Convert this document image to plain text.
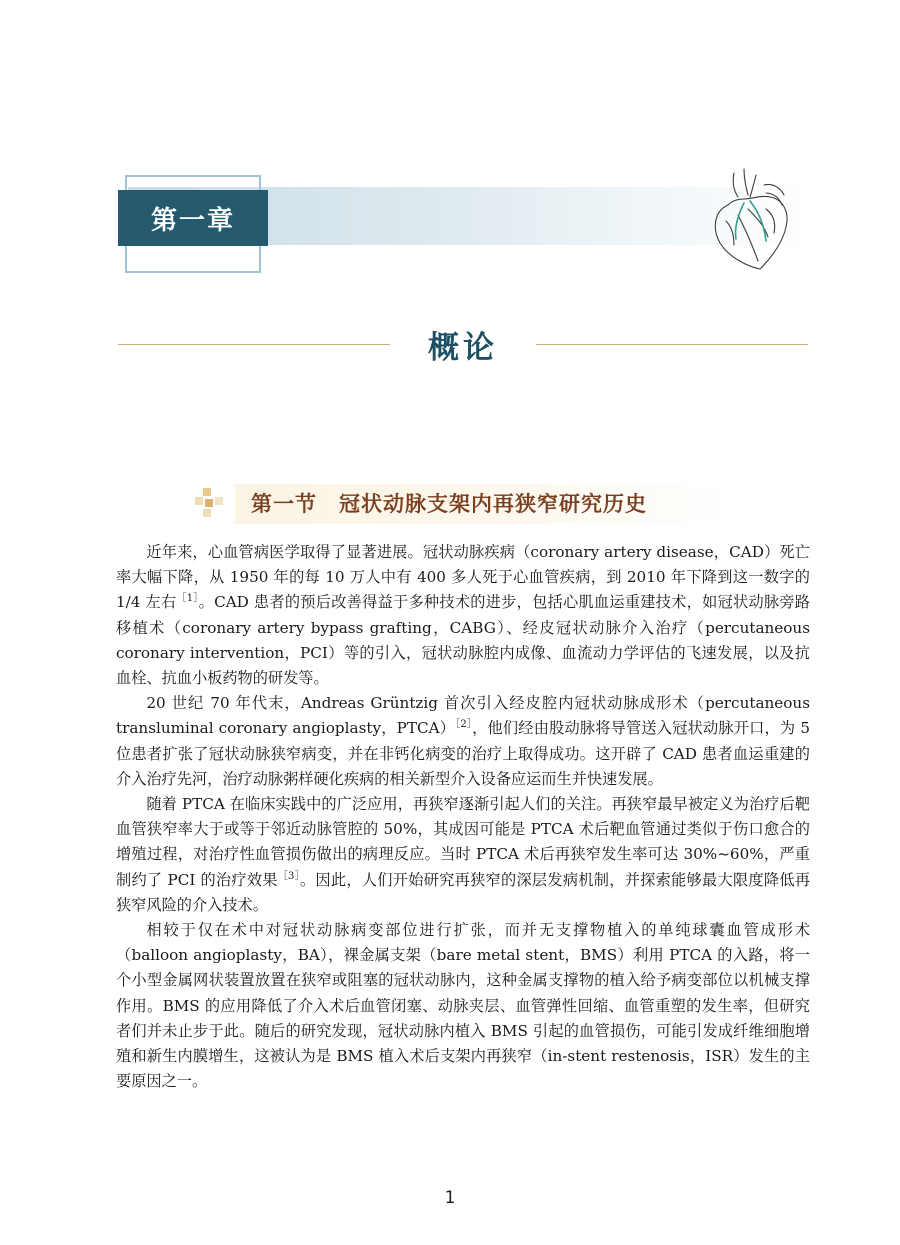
第一章
概论
第一节　冠状动脉支架内再狭窄研究历史

近年来，心血管病医学取得了显著进展。冠状动脉疾病（coronary artery disease，CAD）死亡率大幅下降，从 1950 年的每 10 万人中有 400 多人死于心血管疾病，到 2010 年下降到这一数字的 1/4 左右$^{[1]}$。CAD 患者的预后改善得益于多种技术的进步，包括心肌血运重建技术，如冠状动脉旁路移植术（coronary artery bypass grafting，CABG）、经皮冠状动脉介入治疗（percutaneous coronary intervention，PCI）等的引入，冠状动脉腔内成像、血流动力学评估的飞速发展，以及抗血栓、抗血小板药物的研发等。

20 世纪 70 年代末，Andreas Grüntzig 首次引入经皮腔内冠状动脉成形术（percutaneous transluminal coronary angioplasty，PTCA）$^{[2]}$，他们经由股动脉将导管送入冠状动脉开口，为 5 位患者扩张了冠状动脉狭窄病变，并在非钙化病变的治疗上取得成功。这开辟了 CAD 患者血运重建的介入治疗先河，治疗动脉粥样硬化疾病的相关新型介入设备应运而生并快速发展。

随着 PTCA 在临床实践中的广泛应用，再狭窄逐渐引起人们的关注。再狭窄最早被定义为治疗后靶血管狭窄率大于或等于邻近动脉管腔的 50%，其成因可能是 PTCA 术后靶血管通过类似于伤口愈合的增殖过程，对治疗性血管损伤做出的病理反应。当时 PTCA 术后再狭窄发生率可达 30%~60%，严重制约了 PCI 的治疗效果$^{[3]}$。因此，人们开始研究再狭窄的深层发病机制，并探索能够最大限度降低再狭窄风险的介入技术。

相较于仅在术中对冠状动脉病变部位进行扩张，而并无支撑物植入的单纯球囊血管成形术（balloon angioplasty，BA），裸金属支架（bare metal stent，BMS）利用 PTCA 的入路，将一个小型金属网状装置放置在狭窄或阻塞的冠状动脉内，这种金属支撑物的植入给予病变部位以机械支撑作用。BMS 的应用降低了介入术后血管闭塞、动脉夹层、血管弹性回缩、血管重塑的发生率，但研究者们并未止步于此。随后的研究发现，冠状动脉内植入 BMS 引起的血管损伤，可能引发成纤维细胞增殖和新生内膜增生，这被认为是 BMS 植入术后支架内再狭窄（in-stent restenosis，ISR）发生的主要原因之一。

1
